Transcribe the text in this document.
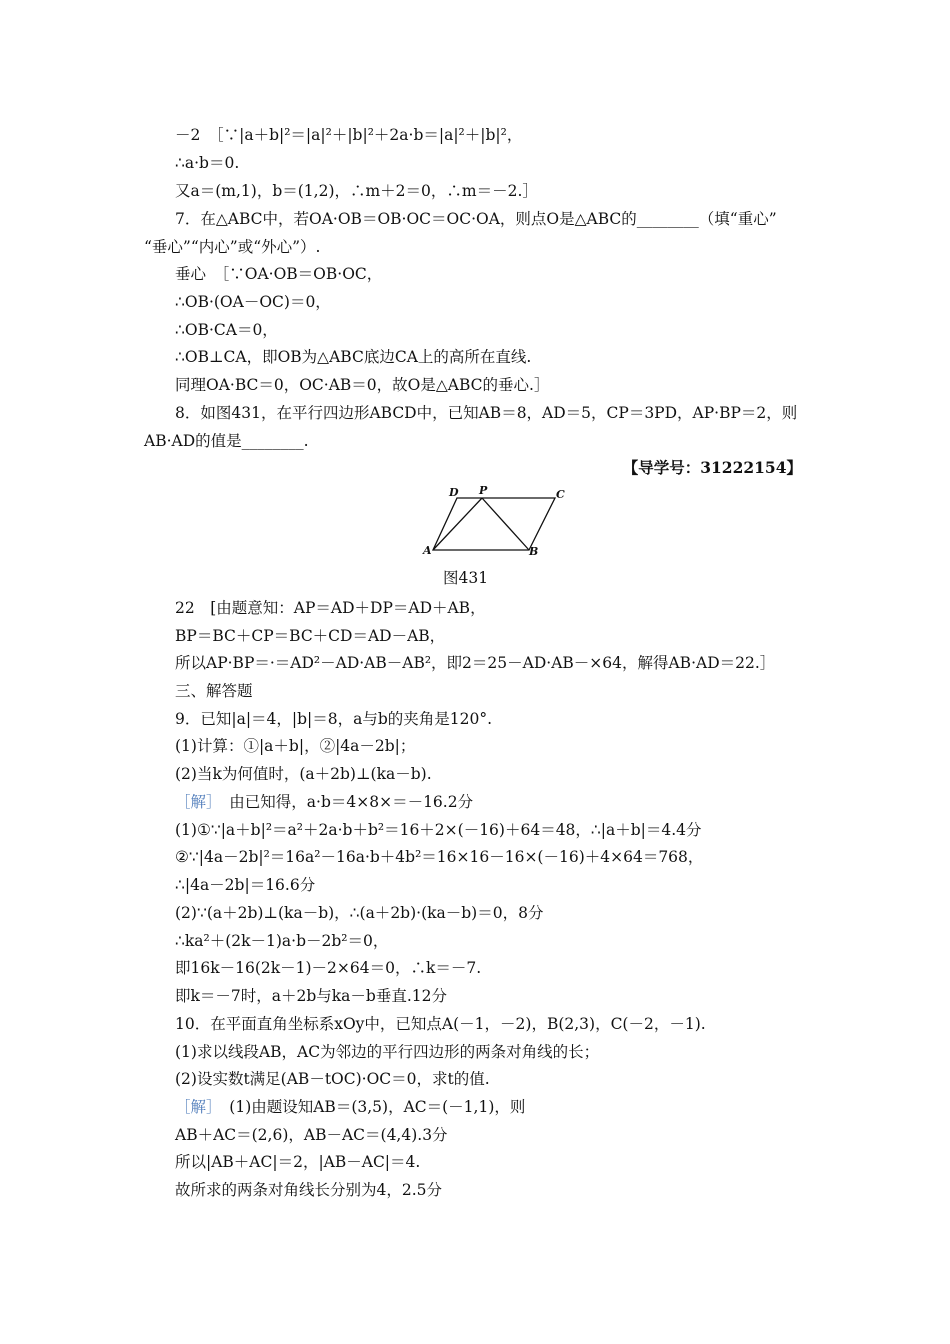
－2　［∵|a＋b|²＝|a|²＋|b|²＋2a·b＝|a|²＋|b|²，
∴a·b＝0.
又a＝(m,1)，b＝(1,2)，∴m＋2＝0，∴m＝－2.］
7．在△ABC中，若OA·OB＝OB·OC＝OC·OA，则点O是△ABC的________（填“重心”
“垂心”“内心”或“外心”）.
垂心　［∵OA·OB＝OB·OC，
∴OB·(OA－OC)＝0，
∴OB·CA＝0，
∴OB⊥CA，即OB为△ABC底边CA上的高所在直线.
同理OA·BC＝0，OC·AB＝0，故O是△ABC的垂心.］
8．如图431，在平行四边形ABCD中，已知AB＝8，AD＝5，CP＝3PD，AP·BP＝2，则
AB·AD的值是________.
【导学号：31222154】
D P	C
A	B
图431
22　[由题意知：AP＝AD＋DP＝AD＋AB，
BP＝BC＋CP＝BC＋CD＝AD－AB，
所以AP·BP＝·＝AD²－AD·AB－AB²，即2＝25－AD·AB－×64，解得AB·AD＝22.］
三、解答题
9．已知|a|＝4，|b|＝8，a与b的夹角是120°.
(1)计算：①|a＋b|，②|4a－2b|；
(2)当k为何值时，(a＋2b)⊥(ka－b).
［解］　 由已知得，a·b＝4×8×＝－16.2分
(1)①∵|a＋b|²＝a²＋2a·b＋b²＝16＋2×(－16)＋64＝48，∴|a＋b|＝4.4分
②∵|4a－2b|²＝16a²－16a·b＋4b²＝16×16－16×(－16)＋4×64＝768，
∴|4a－2b|＝16.6分
(2)∵(a＋2b)⊥(ka－b)，∴(a＋2b)·(ka－b)＝0，8分
∴ka²＋(2k－1)a·b－2b²＝0，
即16k－16(2k－1)－2×64＝0，∴k＝－7.
即k＝－7时，a＋2b与ka－b垂直.12分
10．在平面直角坐标系xOy中，已知点A(－1，－2)，B(2,3)，C(－2，－1).
(1)求以线段AB，AC为邻边的平行四边形的两条对角线的长；
(2)设实数t满足(AB－tOC)·OC＝0，求t的值.
［解］　 (1)由题设知AB＝(3,5)，AC＝(－1,1)，则
AB＋AC＝(2,6)，AB－AC＝(4,4).3分
所以|AB＋AC|＝2，|AB－AC|＝4.
故所求的两条对角线长分别为4，2.5分
